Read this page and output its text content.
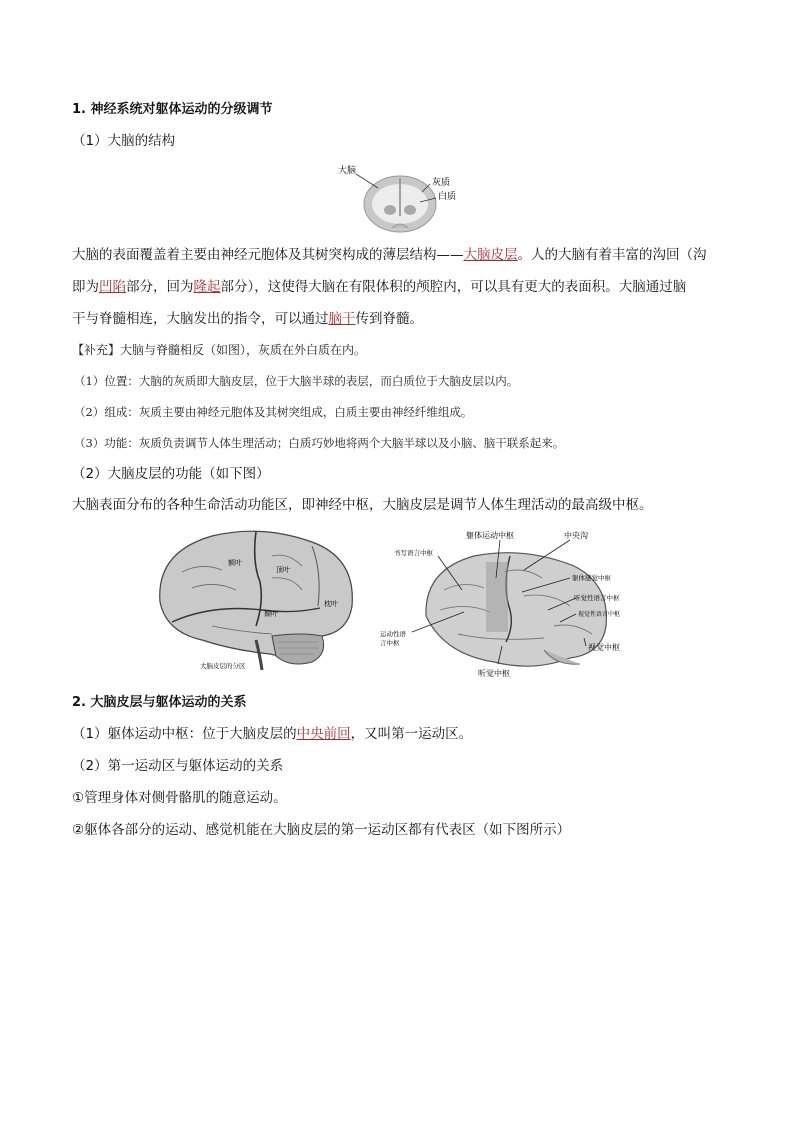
1. 神经系统对躯体运动的分级调节
（1）大脑的结构
大脑
灰质
白质
大脑的表面覆盖着主要由神经元胞体及其树突构成的薄层结构——大脑皮层。人的大脑有着丰富的沟回（沟
即为凹陷部分，回为隆起部分），这使得大脑在有限体积的颅腔内，可以具有更大的表面积。大脑通过脑
干与脊髓相连，大脑发出的指令，可以通过脑干传到脊髓。
【补充】大脑与脊髓相反（如图），灰质在外白质在内。
（1）位置：大脑的灰质即大脑皮层，位于大脑半球的表层，而白质位于大脑皮层以内。
（2）组成：灰质主要由神经元胞体及其树突组成，白质主要由神经纤维组成。
（3）功能：灰质负责调节人体生理活动；白质巧妙地将两个大脑半球以及小脑、脑干联系起来。
（2）大脑皮层的功能（如下图）
大脑表面分布的各种生命活动功能区，即神经中枢，大脑皮层是调节人体生理活动的最高级中枢。
额叶
顶叶
颞叶
枕叶
大脑皮层的分区
躯体运动中枢	中央沟
书写语言中枢
躯体感觉中枢
听觉性语言中枢
视觉性语言中枢
运动性语
言中枢	视觉中枢
听觉中枢
2. 大脑皮层与躯体运动的关系
（1）躯体运动中枢：位于大脑皮层的中央前回，又叫第一运动区。
（2）第一运动区与躯体运动的关系
①管理身体对侧骨骼肌的随意运动。
②躯体各部分的运动、感觉机能在大脑皮层的第一运动区都有代表区（如下图所示）
